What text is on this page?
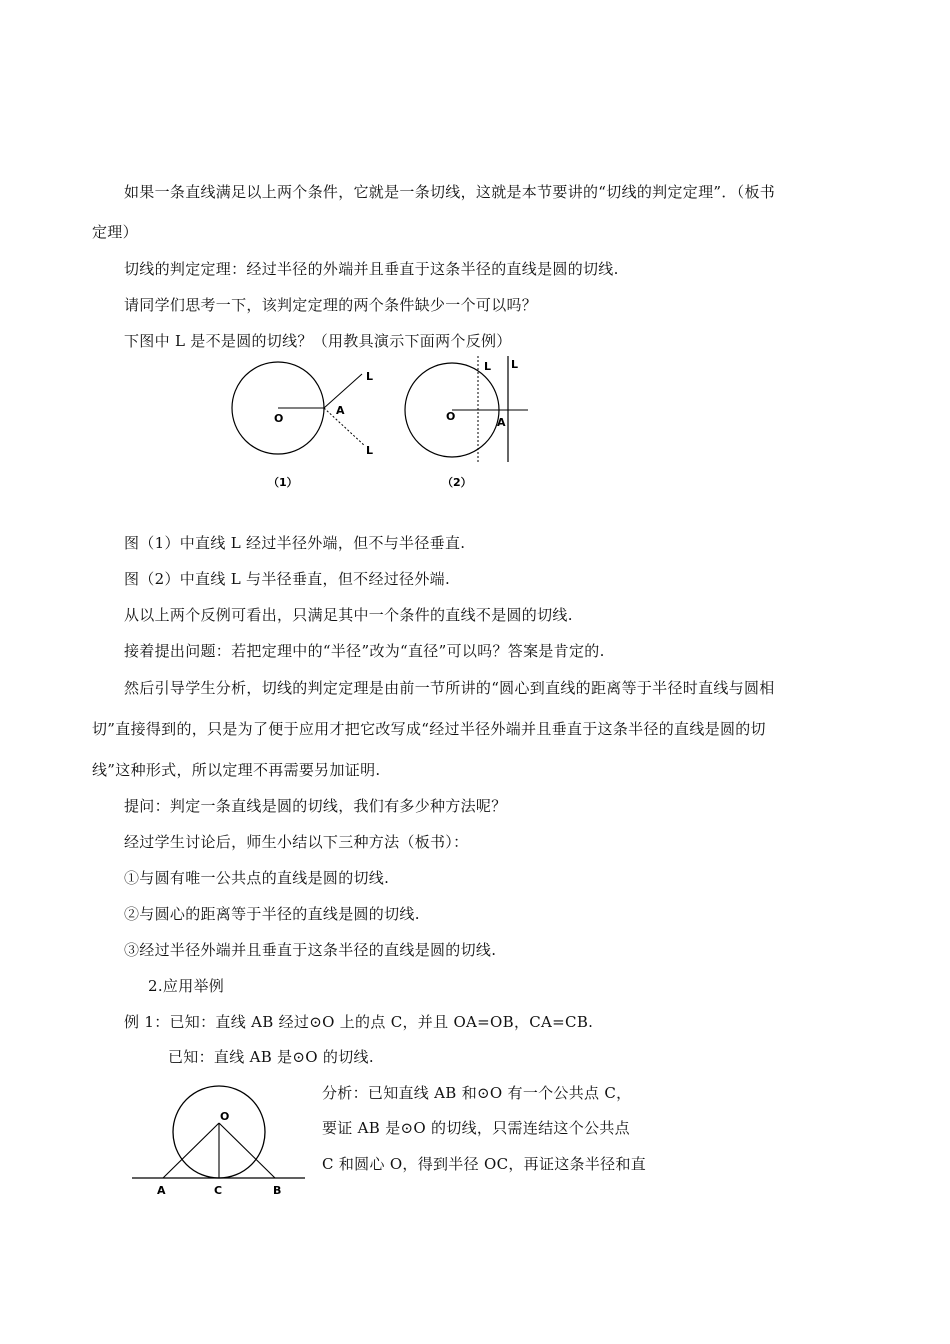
如果一条直线满足以上两个条件，它就是一条切线，这就是本节要讲的“切线的判定定理”．（板书
定理）
切线的判定定理：经过半径的外端并且垂直于这条半径的直线是圆的切线.
请同学们思考一下，该判定定理的两个条件缺少一个可以吗？
下图中 L 是不是圆的切线？（用教具演示下面两个反例）
O
A
L
L
（1）
O	A
L L
（2）
图（1）中直线 L 经过半径外端，但不与半径垂直.
图（2）中直线 L 与半径垂直，但不经过径外端.
从以上两个反例可看出，只满足其中一个条件的直线不是圆的切线.
接着提出问题：若把定理中的“半径”改为“直径”可以吗？答案是肯定的.
然后引导学生分析，切线的判定定理是由前一节所讲的“圆心到直线的距离等于半径时直线与圆相
切”直接得到的，只是为了便于应用才把它改写成“经过半径外端并且垂直于这条半径的直线是圆的切
线”这种形式，所以定理不再需要另加证明.
提问：判定一条直线是圆的切线，我们有多少种方法呢？
经过学生讨论后，师生小结以下三种方法（板书）：
①与圆有唯一公共点的直线是圆的切线.
②与圆心的距离等于半径的直线是圆的切线.
③经过半径外端并且垂直于这条半径的直线是圆的切线.
2.应用举例
例 1：已知：直线 AB 经过⊙O 上的点 C，并且 OA=OB，CA=CB.
已知：直线 AB 是⊙O 的切线.
O
A	C	B
分析：已知直线 AB 和⊙O 有一个公共点 C，
要证 AB 是⊙O 的切线，只需连结这个公共点
C 和圆心 O，得到半径 OC，再证这条半径和直
